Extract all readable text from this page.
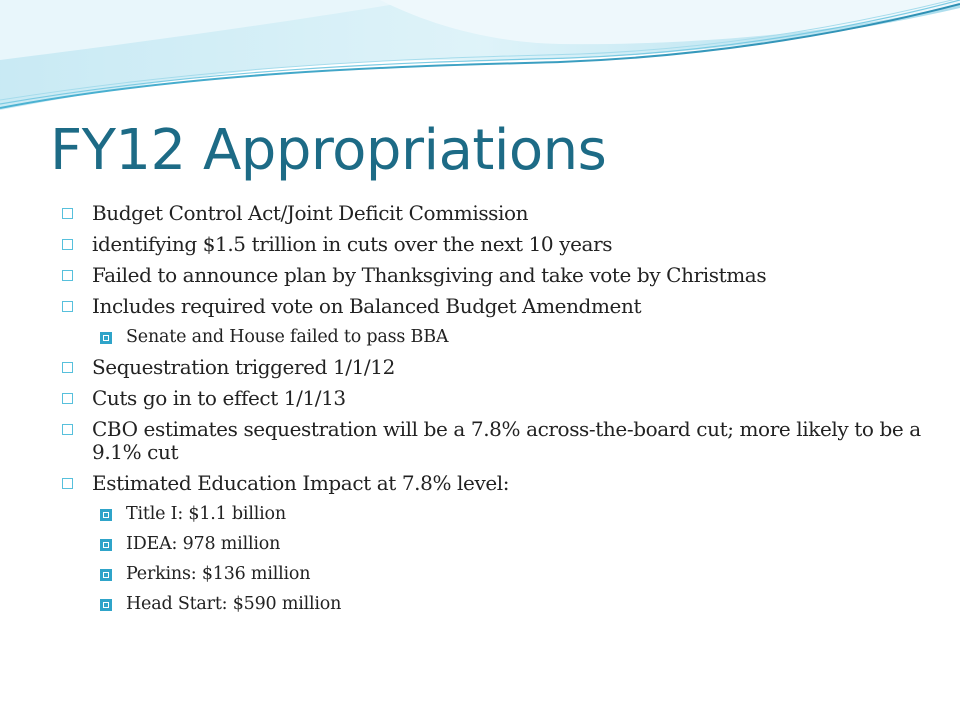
FY12 Appropriations
Budget Control Act/Joint Deficit Commission
identifying $1.5 trillion in cuts over the next 10 years
Failed to announce plan by Thanksgiving and take vote by Christmas
Includes required vote on Balanced Budget Amendment
Senate and House failed to pass BBA
Sequestration triggered 1/1/12
Cuts go in to effect 1/1/13
CBO estimates sequestration will be a 7.8% across-the-board cut; more likely to be a 9.1% cut
Estimated Education Impact at 7.8% level:
Title I: $1.1 billion
IDEA: 978 million
Perkins: $136 million
Head Start: $590 million
